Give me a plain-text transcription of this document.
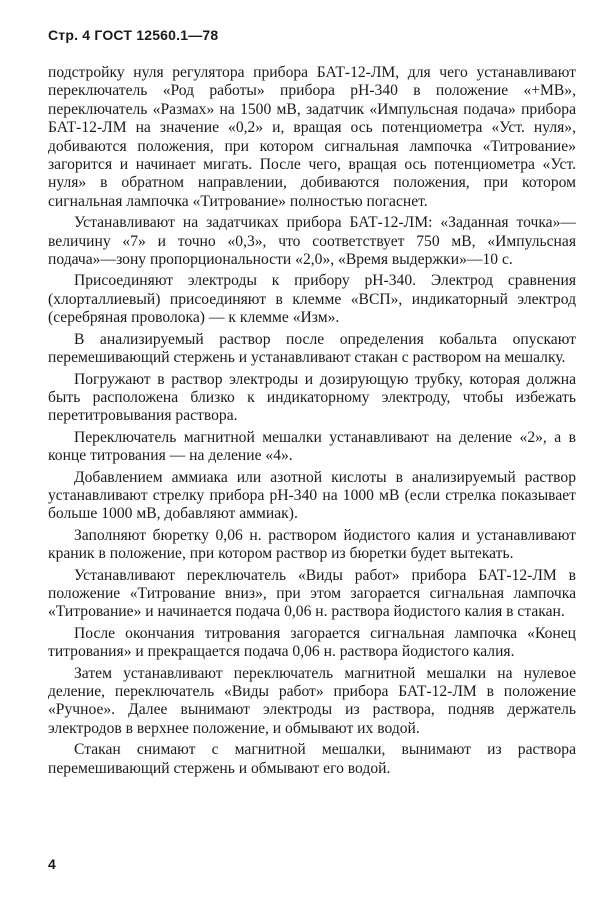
Стр. 4 ГОСТ 12560.1—78

подстройку нуля регулятора прибора БАТ-12-ЛМ, для чего устанавливают переключатель «Род работы» прибора pH-340 в положение «+MB», переключатель «Размах» на 1500 мВ, задатчик «Импульсная подача» прибора БАТ-12-ЛМ на значение «0,2» и, вращая ось потенциометра «Уст. нуля», добиваются положения, при котором сигнальная лампочка «Титрование» загорится и начинает мигать. После чего, вращая ось потенциометра «Уст. нуля» в обратном направлении, добиваются положения, при котором сигнальная лампочка «Титрование» полностью погаснет.

Устанавливают на задатчиках прибора БАТ-12-ЛМ: «Заданная точка»—величину «7» и точно «0,3», что соответствует 750 мВ, «Импульсная подача»—зону пропорциональности «2,0», «Время выдержки»—10 с.

Присоединяют электроды к прибору pH-340. Электрод сравнения (хлорталлиевый) присоединяют в клемме «ВСП», индикаторный электрод (серебряная проволока) — к клемме «Изм».

В анализируемый раствор после определения кобальта опускают перемешивающий стержень и устанавливают стакан с раствором на мешалку.

Погружают в раствор электроды и дозирующую трубку, которая должна быть расположена близко к индикаторному электроду, чтобы избежать перетитровывания раствора.

Переключатель магнитной мешалки устанавливают на деление «2», а в конце титрования — на деление «4».

Добавлением аммиака или азотной кислоты в анализируемый раствор устанавливают стрелку прибора pH-340 на 1000 мВ (если стрелка показывает больше 1000 мВ, добавляют аммиак).

Заполняют бюретку 0,06 н. раствором йодистого калия и устанавливают краник в положение, при котором раствор из бюретки будет вытекать.

Устанавливают переключатель «Виды работ» прибора БАТ-12-ЛМ в положение «Титрование вниз», при этом загорается сигнальная лампочка «Титрование» и начинается подача 0,06 н. раствора йодистого калия в стакан.

После окончания титрования загорается сигнальная лампочка «Конец титрования» и прекращается подача 0,06 н. раствора йодистого калия.

Затем устанавливают переключатель магнитной мешалки на нулевое деление, переключатель «Виды работ» прибора БАТ-12-ЛМ в положение «Ручное». Далее вынимают электроды из раствора, подняв держатель электродов в верхнее положение, и обмывают их водой.

Стакан снимают с магнитной мешалки, вынимают из раствора перемешивающий стержень и обмывают его водой.

4
